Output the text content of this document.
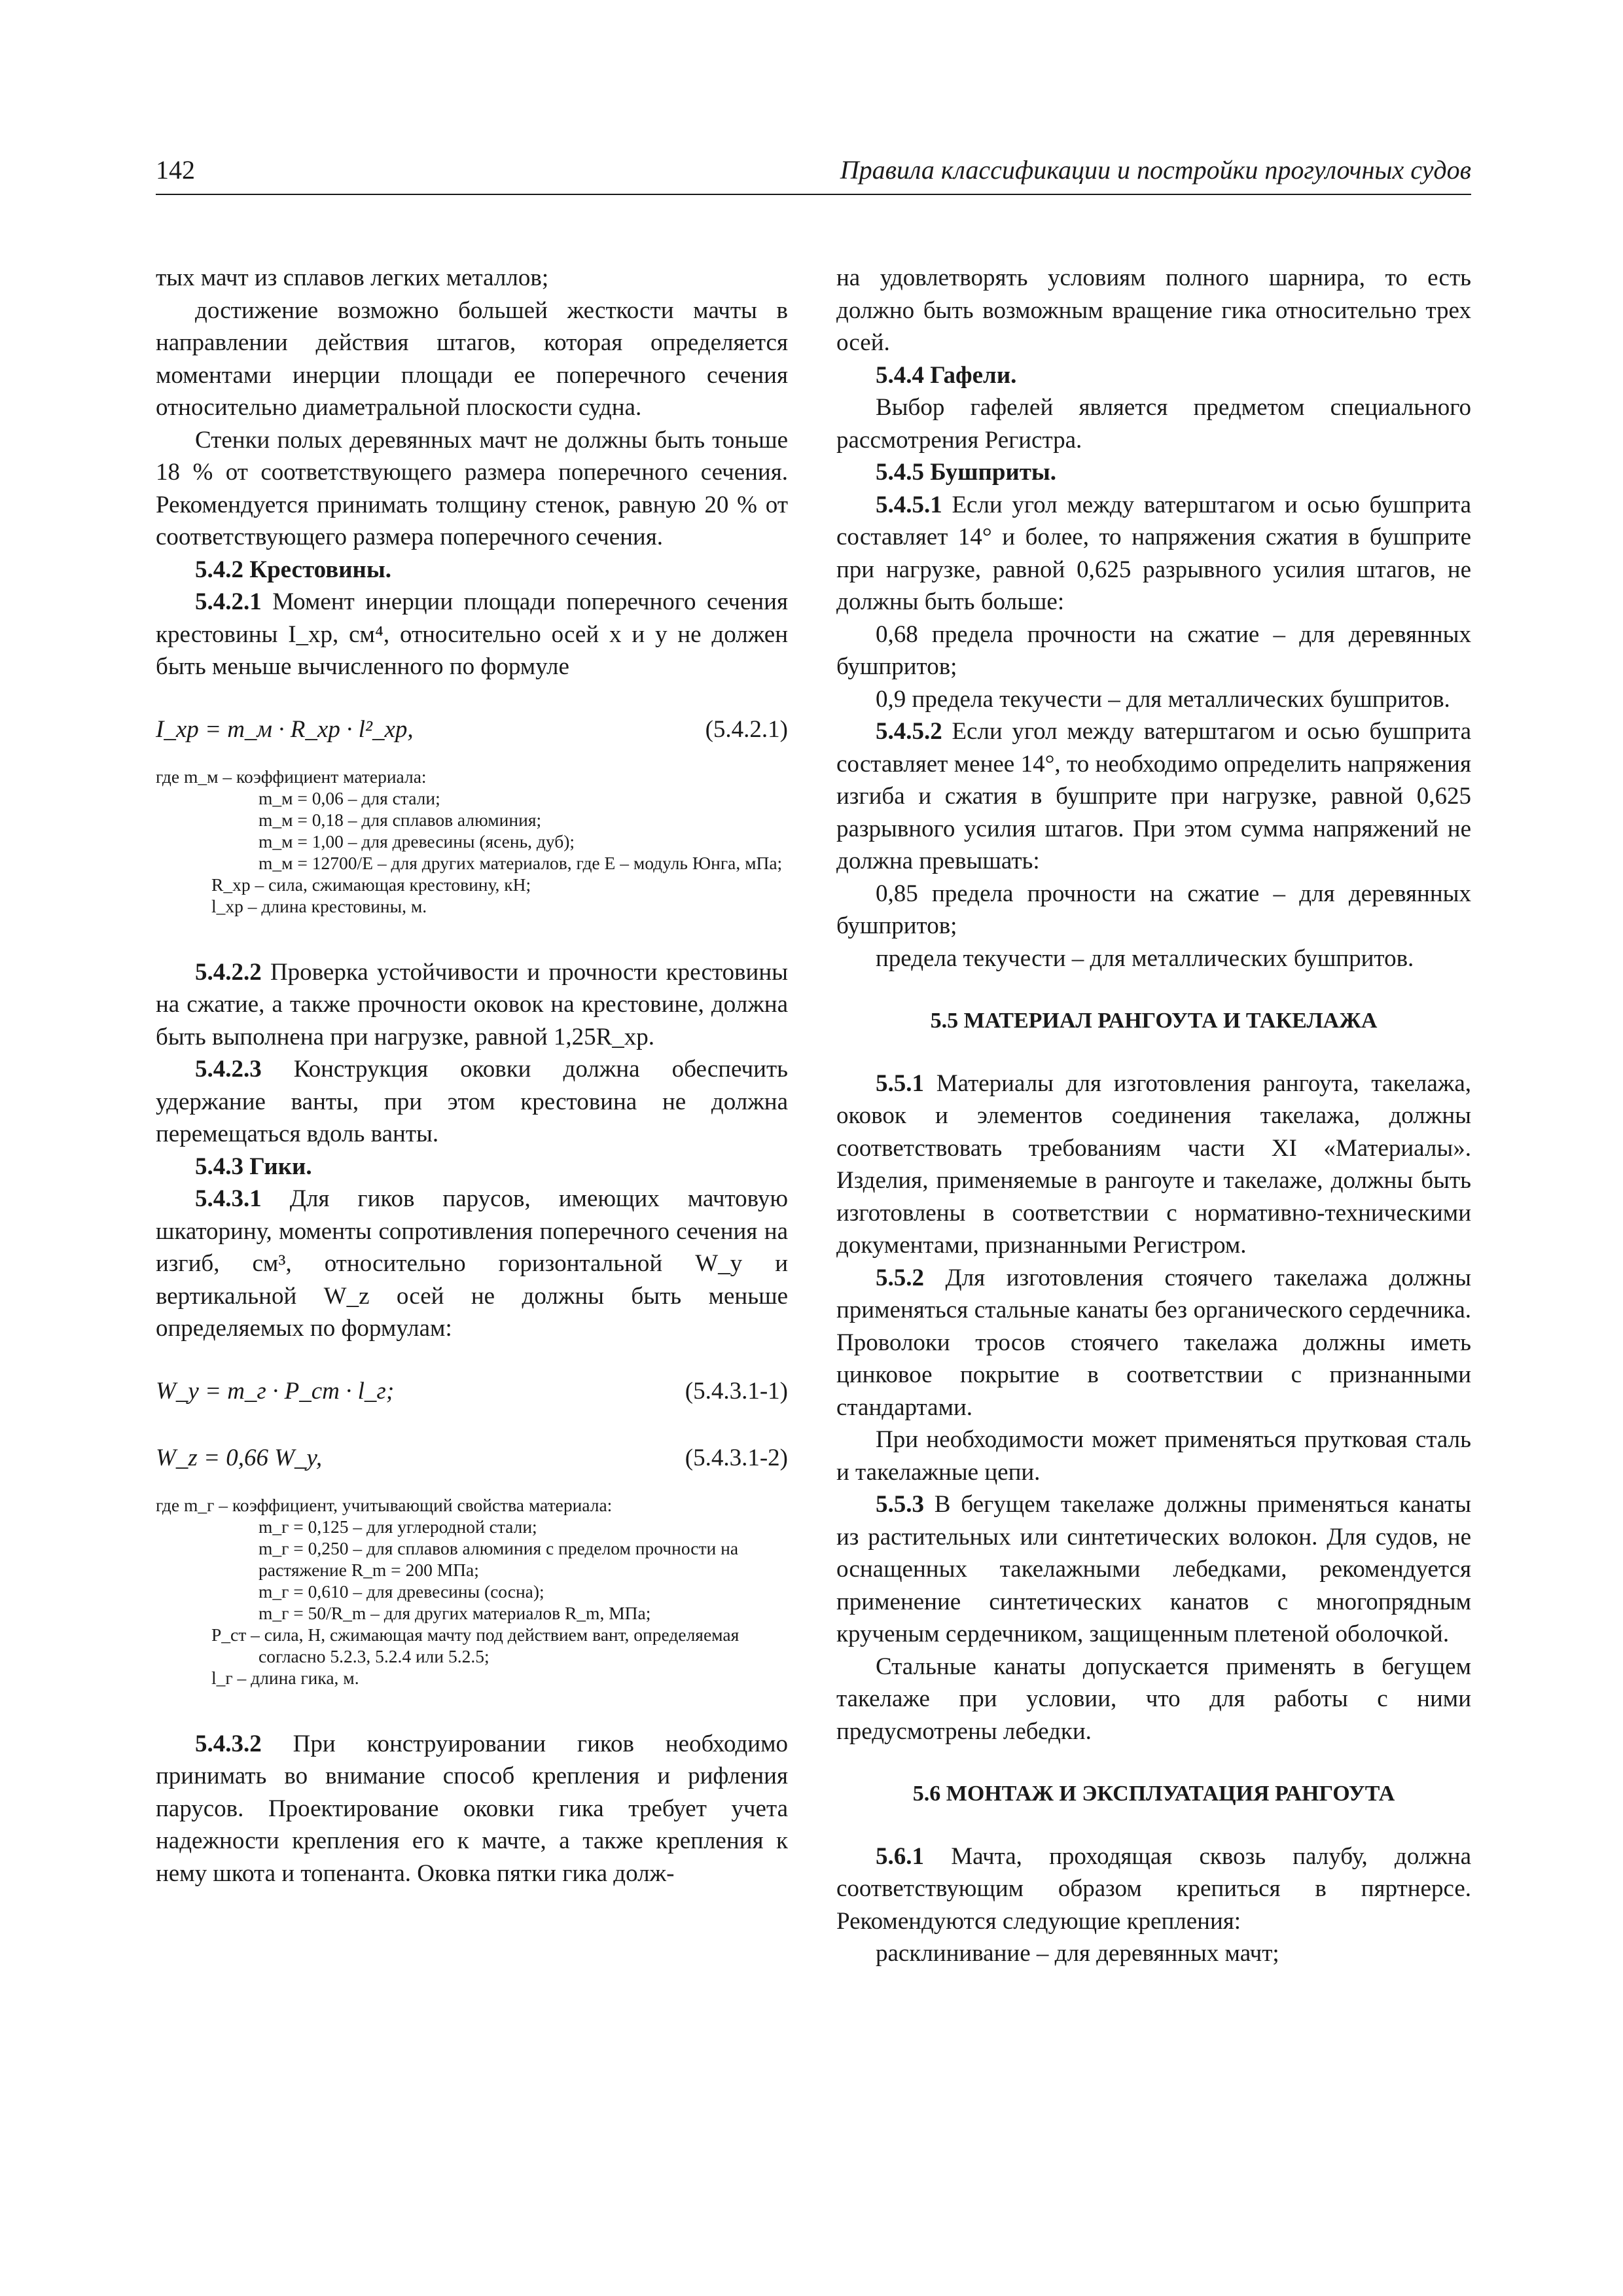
142	Правила классификации и постройки прогулочных судов

тых мачт из сплавов легких металлов;

достижение возможно большей жесткости мачты в направлении действия штагов, которая определяется моментами инерции площади ее поперечного сечения относительно диаметральной плоскости судна.

Стенки полых деревянных мачт не должны быть тоньше 18 % от соответствующего размера поперечного сечения. Рекомендуется принимать толщину стенок, равную 20 % от соответствующего размера поперечного сечения.

5.4.2 Крестовины.

5.4.2.1 Момент инерции площади поперечного сечения крестовины I_xp, см⁴, относительно осей x и y не должен быть меньше вычисленного по формуле

I_xp = m_м · R_xp · l²_xp,	(5.4.2.1)
где m_м – коэффициент материала:
m_м = 0,06 – для стали;
m_м = 0,18 – для сплавов алюминия;
m_м = 1,00 – для древесины (ясень, дуб);
m_м = 12700/E – для других материалов, где E – модуль Юнга, мПа;
R_xp – сила, сжимающая крестовину, кН;
l_xp – длина крестовины, м.

5.4.2.2 Проверка устойчивости и прочности крестовины на сжатие, а также прочности оковок на крестовине, должна быть выполнена при нагрузке, равной 1,25R_xp.

5.4.2.3 Конструкция оковки должна обеспечить удержание ванты, при этом крестовина не должна перемещаться вдоль ванты.

5.4.3 Гики.

5.4.3.1 Для гиков парусов, имеющих мачтовую шкаторину, моменты сопротивления поперечного сечения на изгиб, см³, относительно горизонтальной W_y и вертикальной W_z осей не должны быть меньше определяемых по формулам:

W_y = m_г · P_ст · l_г;	(5.4.3.1-1)
W_z = 0,66 W_y,	(5.4.3.1-2)
где m_г – коэффициент, учитывающий свойства материала:
m_г = 0,125 – для углеродной стали;
m_г = 0,250 – для сплавов алюминия с пределом прочности на растяжение R_m = 200 МПа;
m_г = 0,610 – для древесины (сосна);
m_г = 50/R_m – для других материалов R_m, МПа;
P_ст – сила, Н, сжимающая мачту под действием вант, определяемая согласно 5.2.3, 5.2.4 или 5.2.5;
l_г – длина гика, м.

5.4.3.2 При конструировании гиков необходимо принимать во внимание способ крепления и рифления парусов. Проектирование оковки гика требует учета надежности крепления его к мачте, а также крепления к нему шкота и топенанта. Оковка пятки гика долж-

на удовлетворять условиям полного шарнира, то есть должно быть возможным вращение гика относительно трех осей.

5.4.4 Гафели.

Выбор гафелей является предметом специального рассмотрения Регистра.

5.4.5 Бушприты.

5.4.5.1 Если угол между ватерштагом и осью бушприта составляет 14° и более, то напряжения сжатия в бушприте при нагрузке, равной 0,625 разрывного усилия штагов, не должны быть больше:

0,68 предела прочности на сжатие – для деревянных бушпритов;

0,9 предела текучести – для металлических бушпритов.

5.4.5.2 Если угол между ватерштагом и осью бушприта составляет менее 14°, то необходимо определить напряжения изгиба и сжатия в бушприте при нагрузке, равной 0,625 разрывного усилия штагов. При этом сумма напряжений не должна превышать:

0,85 предела прочности на сжатие – для деревянных бушпритов;

предела текучести – для металлических бушпритов.

5.5 МАТЕРИАЛ РАНГОУТА И ТАКЕЛАЖА

5.5.1 Материалы для изготовления рангоута, такелажа, оковок и элементов соединения такелажа, должны соответствовать требованиям части XI «Материалы». Изделия, применяемые в рангоуте и такелаже, должны быть изготовлены в соответствии с нормативно-техническими документами, признанными Регистром.

5.5.2 Для изготовления стоячего такелажа должны применяться стальные канаты без органического сердечника. Проволоки тросов стоячего такелажа должны иметь цинковое покрытие в соответствии с признанными стандартами.

При необходимости может применяться прутковая сталь и такелажные цепи.

5.5.3 В бегущем такелаже должны применяться канаты из растительных или синтетических волокон. Для судов, не оснащенных такелажными лебедками, рекомендуется применение синтетических канатов с многопрядным крученым сердечником, защищенным плетеной оболочкой.

Стальные канаты допускается применять в бегущем такелаже при условии, что для работы с ними предусмотрены лебедки.

5.6 МОНТАЖ И ЭКСПЛУАТАЦИЯ РАНГОУТА

5.6.1 Мачта, проходящая сквозь палубу, должна соответствующим образом крепиться в пяртнерсе. Рекомендуются следующие крепления:

расклинивание – для деревянных мачт;
